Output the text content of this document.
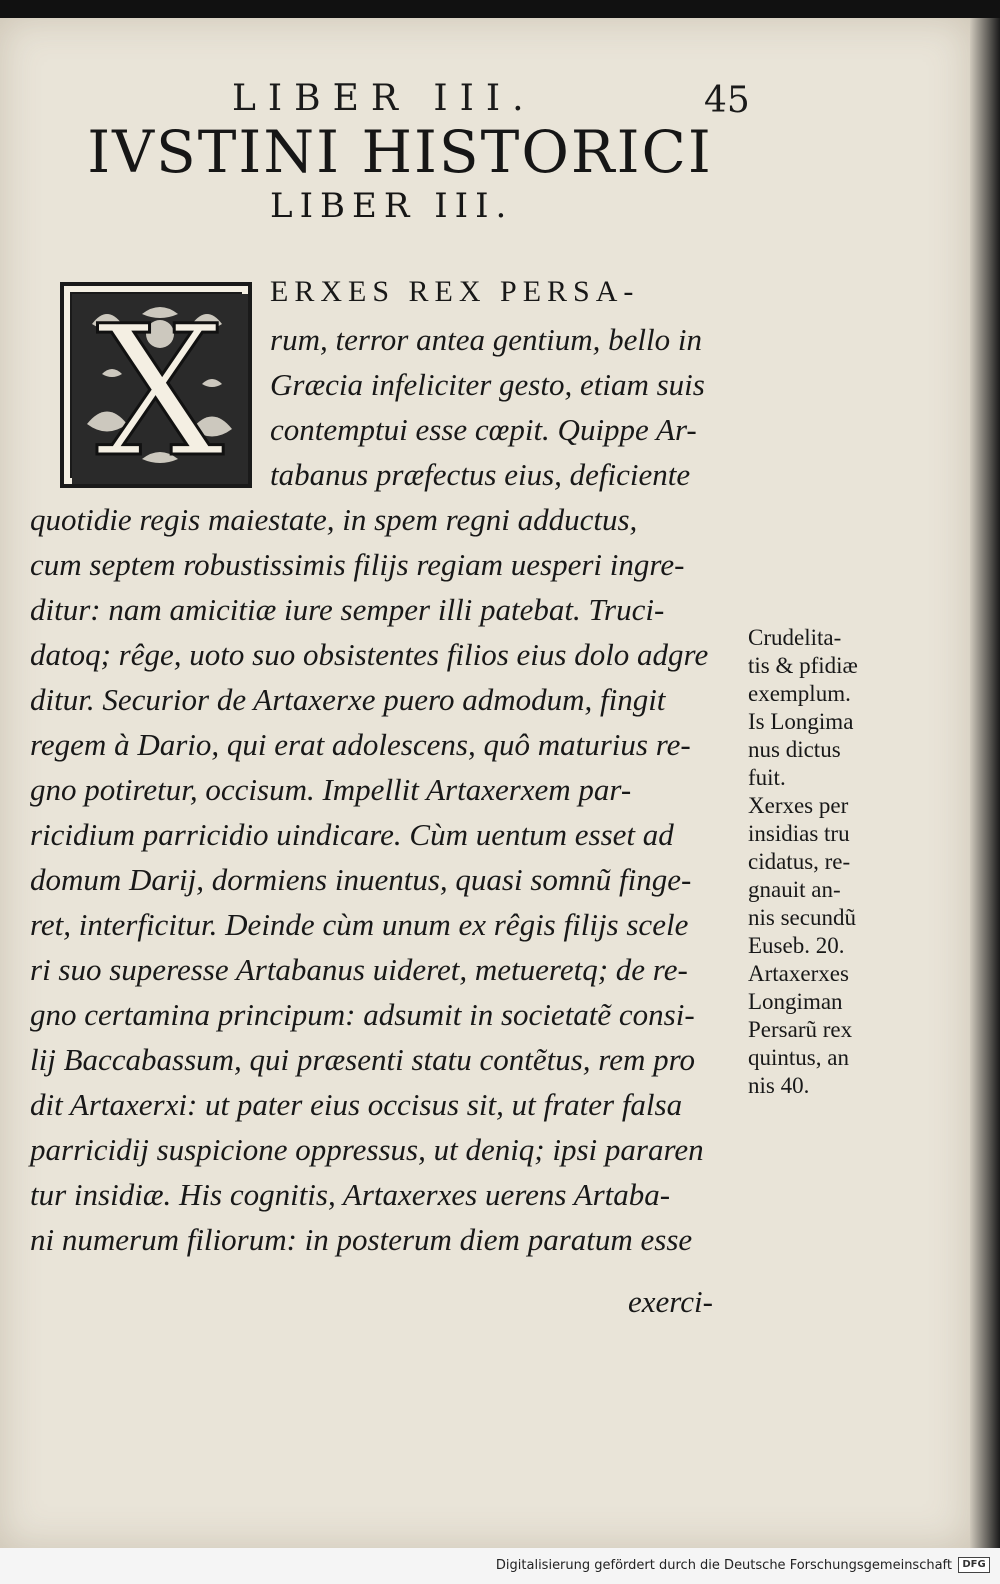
LIBER III.	45
IVSTINI HISTORICI
LIBER III.
X ERXES REX PERSA-
rum, terror antea gentium, bello in
Græcia infeliciter gesto, etiam suis
contemptui esse cœpit. Quippe Ar-
tabanus præfectus eius, deficiente
quotidie regis maiestate, in spem regni adductus,
cum septem robustissimis filijs regiam uesperi ingre-
ditur: nam amicitiæ iure semper illi patebat. Truci-
datoq; rêge, uoto suo obsistentes filios eius dolo adgre
ditur. Securior de Artaxerxe puero admodum, fingit
regem à Dario, qui erat adolescens, quô maturius re-
gno potiretur, occisum. Impellit Artaxerxem par-
ricidium parricidio uindicare. Cùm uentum esset ad
domum Darij, dormiens inuentus, quasi somnũ finge-
ret, interficitur. Deinde cùm unum ex rêgis filijs scele
ri suo superesse Artabanus uideret, metueretq; de re-
gno certamina principum: adsumit in societatẽ consi-
lij Baccabassum, qui præsenti statu contẽtus, rem pro
dit Artaxerxi: ut pater eius occisus sit, ut frater falsa
parricidij suspicione oppressus, ut deniq; ipsi pararen
tur insidiæ. His cognitis, Artaxerxes uerens Artaba-
ni numerum filiorum: in posterum diem paratum esse
exerci-
Crudelita-
tis & pfidiæ
exemplum.
Is Longima
nus dictus
fuit.
Xerxes per
insidias tru
cidatus, re-
gnauit an-
nis secundũ
Euseb. 20.
Artaxerxes
Longiman
Persarũ rex
quintus, an
nis 40.
Digitalisierung gefördert durch die Deutsche Forschungsgemeinschaft	DFG
